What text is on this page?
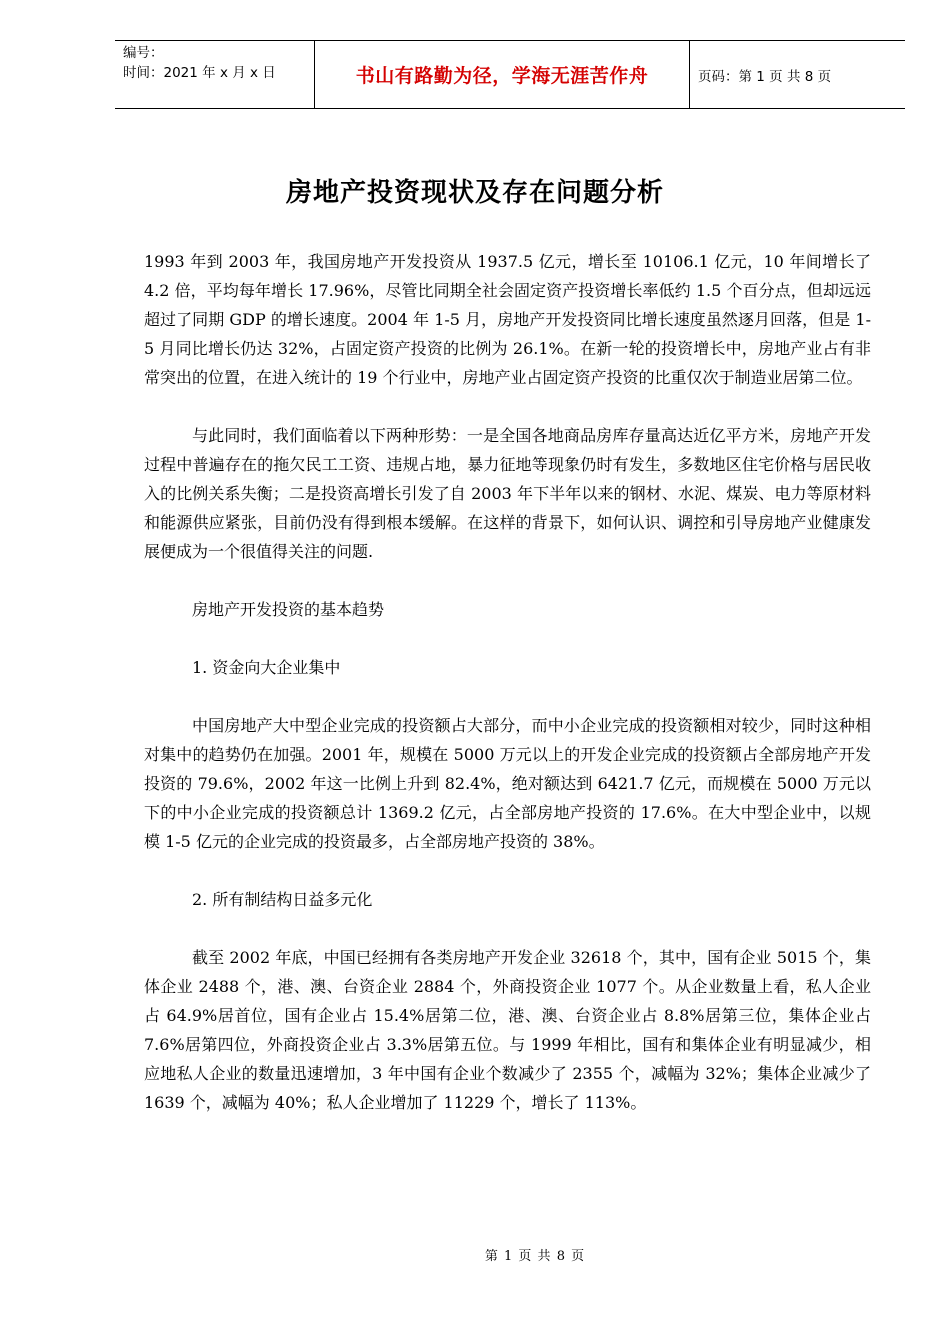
编号：
时间：2021 年 x 月 x 日	书山有路勤为径，学海无涯苦作舟	页码：第 1 页 共 8 页
房地产投资现状及存在问题分析

1993 年到 2003 年，我国房地产开发投资从 1937.5 亿元，增长至 10106.1 亿元，10 年间增长了 4.2 倍，平均每年增长 17.96%，尽管比同期全社会固定资产投资增长率低约 1.5 个百分点，但却远远超过了同期 GDP 的增长速度。2004 年 1-5 月，房地产开发投资同比增长速度虽然逐月回落，但是 1-5 月同比增长仍达 32%，占固定资产投资的比例为 26.1%。在新一轮的投资增长中，房地产业占有非常突出的位置，在进入统计的 19 个行业中，房地产业占固定资产投资的比重仅次于制造业居第二位。

与此同时，我们面临着以下两种形势：一是全国各地商品房库存量高达近亿平方米，房地产开发过程中普遍存在的拖欠民工工资、违规占地，暴力征地等现象仍时有发生，多数地区住宅价格与居民收入的比例关系失衡；二是投资高增长引发了自 2003 年下半年以来的钢材、水泥、煤炭、电力等原材料和能源供应紧张，目前仍没有得到根本缓解。在这样的背景下，如何认识、调控和引导房地产业健康发展便成为一个很值得关注的问题.

房地产开发投资的基本趋势

1. 资金向大企业集中

中国房地产大中型企业完成的投资额占大部分，而中小企业完成的投资额相对较少，同时这种相对集中的趋势仍在加强。2001 年，规模在 5000 万元以上的开发企业完成的投资额占全部房地产开发投资的 79.6%，2002 年这一比例上升到 82.4%，绝对额达到 6421.7 亿元，而规模在 5000 万元以下的中小企业完成的投资额总计 1369.2 亿元，占全部房地产投资的 17.6%。在大中型企业中，以规模 1-5 亿元的企业完成的投资最多，占全部房地产投资的 38%。

2. 所有制结构日益多元化

截至 2002 年底，中国已经拥有各类房地产开发企业 32618 个，其中，国有企业 5015 个，集体企业 2488 个，港、澳、台资企业 2884 个，外商投资企业 1077 个。从企业数量上看，私人企业占 64.9%居首位，国有企业占 15.4%居第二位，港、澳、台资企业占 8.8%居第三位，集体企业占 7.6%居第四位，外商投资企业占 3.3%居第五位。与 1999 年相比，国有和集体企业有明显减少，相应地私人企业的数量迅速增加，3 年中国有企业个数减少了 2355 个，减幅为 32%；集体企业减少了 1639 个，减幅为 40%；私人企业增加了 11229 个，增长了 113%。

第 1 页 共 8 页
